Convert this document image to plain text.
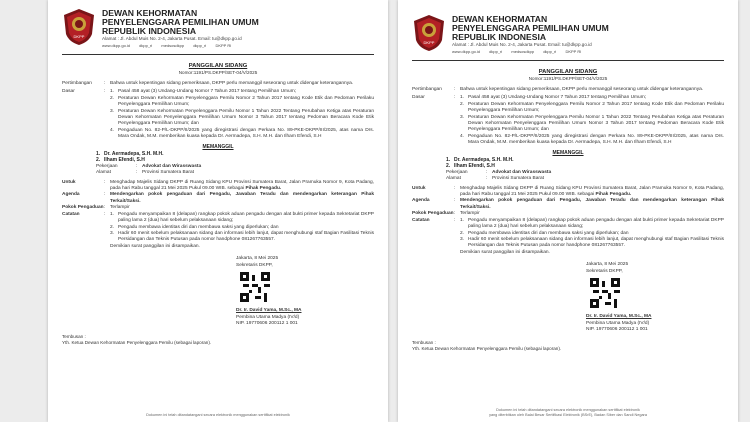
DKPP
DEWAN KEHORMATAN
PENYELENGGARA PEMILIHAN UMUM
REPUBLIK INDONESIA
Alamat : Jl. Abdul Muis No. 2-4, Jakarta Pusat. Email: tu@dkpp.go.id
www.dkpp.go.id dkpp_ri medsosdkpp dkpp_ri DKPP RI
PANGGILAN SIDANG
Nomor:1191/PS.DKPP/SET-04/V/2025
Pertimbangan	: Bahwa untuk kepentingan sidang pemeriksaan, DKPP perlu memanggil seseorang untuk didengar keterangannya.
Dasar	: 1. Pasal 458 ayat (3) Undang-Undang Nomor 7 Tahun 2017 tentang Pemilihan Umum;
2. Peraturan Dewan Kehormatan Penyelenggara Pemilu Nomor 2 Tahun 2017 tentang Kode Etik dan Pedoman Perilaku Penyelenggara Pemilihan Umum;
3. Peraturan Dewan Kehormatan Penyelenggara Pemilu Nomor 1 Tahun 2022 Tentang Perubahan Ketiga atas Peraturan Dewan Kehormatan Penyelenggara Pemilihan Umum Nomor 3 Tahun 2017 tentang Pedoman Beracara Kode Etik Penyelenggara Pemilihan Umum; dan
4. Pengaduan No. 82-P/L-DKPP/II/2025 yang diregistrasi dengan Perkara No. 89-PKE-DKPP/III/2025, atas nama Drs. Mara Ondak, M.M. memberikan kuasa kepada Dr. Aermadepa, S.H. M.H. dan Ilham Efendi, S.H
MEMANGGIL
1. Dr. Aermadepa, S.H. M.H.
2. Ilham Efendi, S.H
Pekerjaan	: Advokat dan Wirasswasta
Alamat	: Provinsi Sumatera Barat
Untuk	: Menghadap Majelis Sidang DKPP di Ruang Sidang KPU Provinsi Sumatera Barat, Jalan Pramuka Nomor 9, Kota Padang, pada hari Rabu tanggal 21 Mei 2025 Pukul 09.00 WIB. sebagai Pihak Pengadu.
Agenda	: Mendengarkan pokok pengaduan dari Pengadu, Jawaban Teradu dan mendengarkan keterangan Pihak Terkait/Saksi.
Pokok Pengaduan : Terlampir
Catatan	: 1. Pengadu menyampaikan 8 (delapan) rangkap pokok aduan pengadu dengan alat bukti primer kepada Sekretariat DKPP paling lama 2 (dua) hari sebelum pelaksanaan sidang;
2. Pengadu membawa identitas diri dan membawa saksi yang diperlukan; dan
3. Hadir 60 menit sebelum pelaksanaan sidang dan informasi lebih lanjut, dapat menghubungi staf Bagian Fasilitasi Teknis Persidangan dan Teknis Putusan pada nomor handphone 081267763557.
Demikian surat panggilan ini disampaikan.
Jakarta, 8 Mei 2025
Sekretaris DKPP,
Dr. Ir. David Yama, M.Sc., MA
Pembina Utama Madya (IV/d)
NIP. 19770606 200112 1 001
Tembusan :
Yth. Ketua Dewan Kehormatan Penyelenggara Pemilu (sebagai laporan).
Dokumen ini telah ditandatangani secara elektronik menggunakan sertifikat elektronik
DKPP
DEWAN KEHORMATAN
PENYELENGGARA PEMILIHAN UMUM
REPUBLIK INDONESIA
Alamat : Jl. Abdul Muis No. 2-4, Jakarta Pusat. Email: tu@dkpp.go.id
www.dkpp.go.id dkpp_ri medsosdkpp dkpp_ri DKPP RI
PANGGILAN SIDANG
Nomor:1191/PS.DKPP/SET-04/V/2025
Pertimbangan	: Bahwa untuk kepentingan sidang pemeriksaan, DKPP perlu memanggil seseorang untuk didengar keterangannya.
Dasar	: 1. Pasal 458 ayat (3) Undang-Undang Nomor 7 Tahun 2017 tentang Pemilihan Umum;
2. Peraturan Dewan Kehormatan Penyelenggara Pemilu Nomor 2 Tahun 2017 tentang Kode Etik dan Pedoman Perilaku Penyelenggara Pemilihan Umum;
3. Peraturan Dewan Kehormatan Penyelenggara Pemilu Nomor 1 Tahun 2022 Tentang Perubahan Ketiga atas Peraturan Dewan Kehormatan Penyelenggara Pemilihan Umum Nomor 3 Tahun 2017 tentang Pedoman Beracara Kode Etik Penyelenggara Pemilihan Umum; dan
4. Pengaduan No. 82-P/L-DKPP/II/2025 yang diregistrasi dengan Perkara No. 89-PKE-DKPP/III/2025, atas nama Drs. Mara Ondak, M.M. memberikan kuasa kepada Dr. Aermadepa, S.H. M.H. dan Ilham Efendi, S.H
MEMANGGIL
1. Dr. Aermadepa, S.H. M.H.
2. Ilham Efendi, S.H
Pekerjaan	: Advokat dan Wirasswasta
Alamat	: Provinsi Sumatera Barat
Untuk	: Menghadap Majelis Sidang DKPP di Ruang Sidang KPU Provinsi Sumatera Barat, Jalan Pramuka Nomor 9, Kota Padang, pada hari Rabu tanggal 21 Mei 2025 Pukul 09.00 WIB. sebagai Pihak Pengadu.
Agenda	: Mendengarkan pokok pengaduan dari Pengadu, Jawaban Teradu dan mendengarkan keterangan Pihak Terkait/Saksi.
Pokok Pengaduan : Terlampir
Catatan	: 1. Pengadu menyampaikan 8 (delapan) rangkap pokok aduan pengadu dengan alat bukti primer kepada Sekretariat DKPP paling lama 2 (dua) hari sebelum pelaksanaan sidang;
2. Pengadu membawa identitas diri dan membawa saksi yang diperlukan; dan
3. Hadir 60 menit sebelum pelaksanaan sidang dan informasi lebih lanjut, dapat menghubungi staf Bagian Fasilitasi Teknis Persidangan dan Teknis Putusan pada nomor handphone 081267763557.
Demikian surat panggilan ini disampaikan.
Jakarta, 8 Mei 2025
Sekretaris DKPP,
Dr. Ir. David Yama, M.Sc., MA
Pembina Utama Madya (IV/d)
NIP. 19770606 200112 1 001
Tembusan :
Yth. Ketua Dewan Kehormatan Penyelenggara Pemilu (sebagai laporan).
Dokumen ini telah ditandatangani secara elektronik menggunakan sertifikat elektronik
yang diterbitkan oleh Balai Besar Sertifikasi Elektronik (BSrE), Badan Siber dan Sandi Negara
